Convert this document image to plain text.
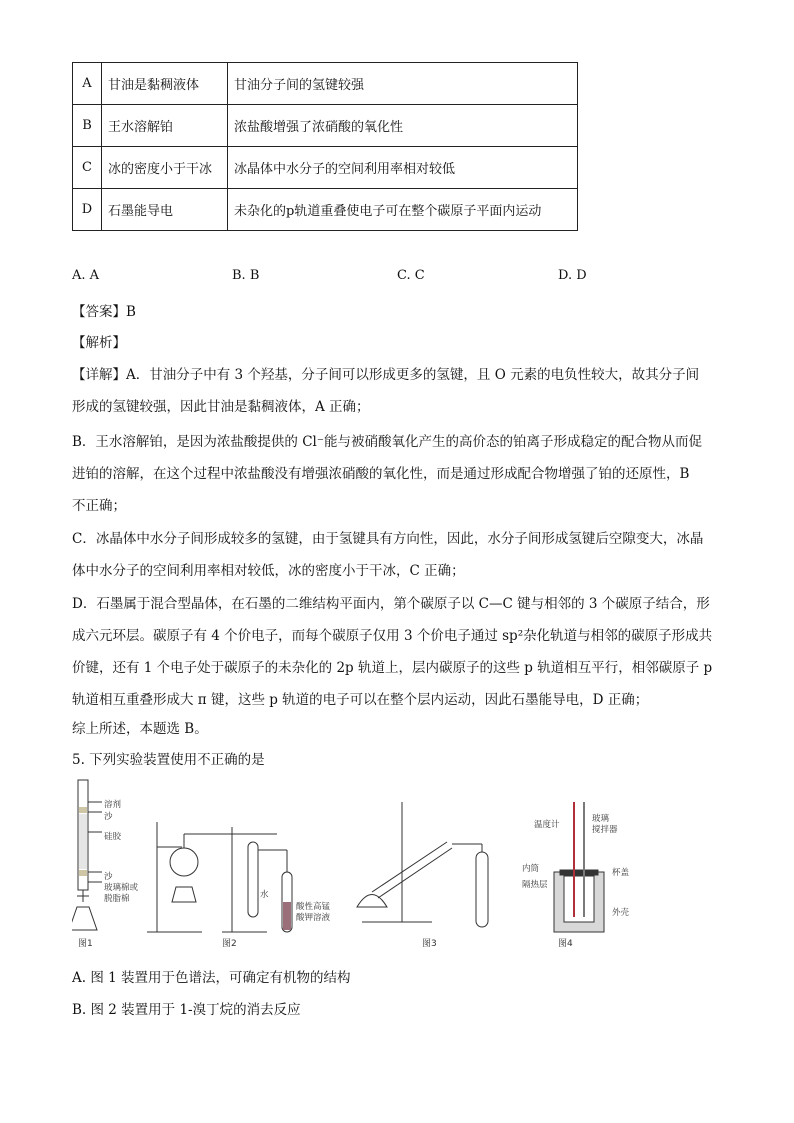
A	甘油是黏稠液体	甘油分子间的氢键较强
B	王水溶解铂	浓盐酸增强了浓硝酸的氧化性
C	冰的密度小于干冰	冰晶体中水分子的空间利用率相对较低
D	石墨能导电	未杂化的p轨道重叠使电子可在整个碳原子平面内运动
A. A	B. B	C. C	D. D
【答案】B
【解析】
【详解】A．甘油分子中有 3 个羟基，分子间可以形成更多的氢键，且 O 元素的电负性较大，故其分子间
形成的氢键较强，因此甘油是黏稠液体，A 正确；
B．王水溶解铂，是因为浓盐酸提供的 Cl⁻能与被硝酸氧化产生的高价态的铂离子形成稳定的配合物从而促
进铂的溶解，在这个过程中浓盐酸没有增强浓硝酸的氧化性，而是通过形成配合物增强了铂的还原性，B
不正确；
C．冰晶体中水分子间形成较多的氢键，由于氢键具有方向性，因此，水分子间形成氢键后空隙变大，冰晶
体中水分子的空间利用率相对较低，冰的密度小于干冰，C 正确；
D．石墨属于混合型晶体，在石墨的二维结构平面内，第个碳原子以 C—C 键与相邻的 3 个碳原子结合，形
成六元环层。碳原子有 4 个价电子，而每个碳原子仅用 3 个价电子通过 sp²杂化轨道与相邻的碳原子形成共
价键，还有 1 个电子处于碳原子的未杂化的 2p 轨道上，层内碳原子的这些 p 轨道相互平行，相邻碳原子 p
轨道相互重叠形成大 π 键，这些 p 轨道的电子可以在整个层内运动，因此石墨能导电，D 正确；
综上所述，本题选 B。
5. 下列实验装置使用不正确的是
溶剂
沙
硅胶
沙
玻璃棉或
脱脂棉
图1
水
酸性高锰
酸钾溶液
图2	图3
温度计
玻璃
搅拌器
内筒	杯盖
隔热层
外壳
图4
A. 图 1 装置用于色谱法，可确定有机物的结构
B. 图 2 装置用于 1-溴丁烷的消去反应
